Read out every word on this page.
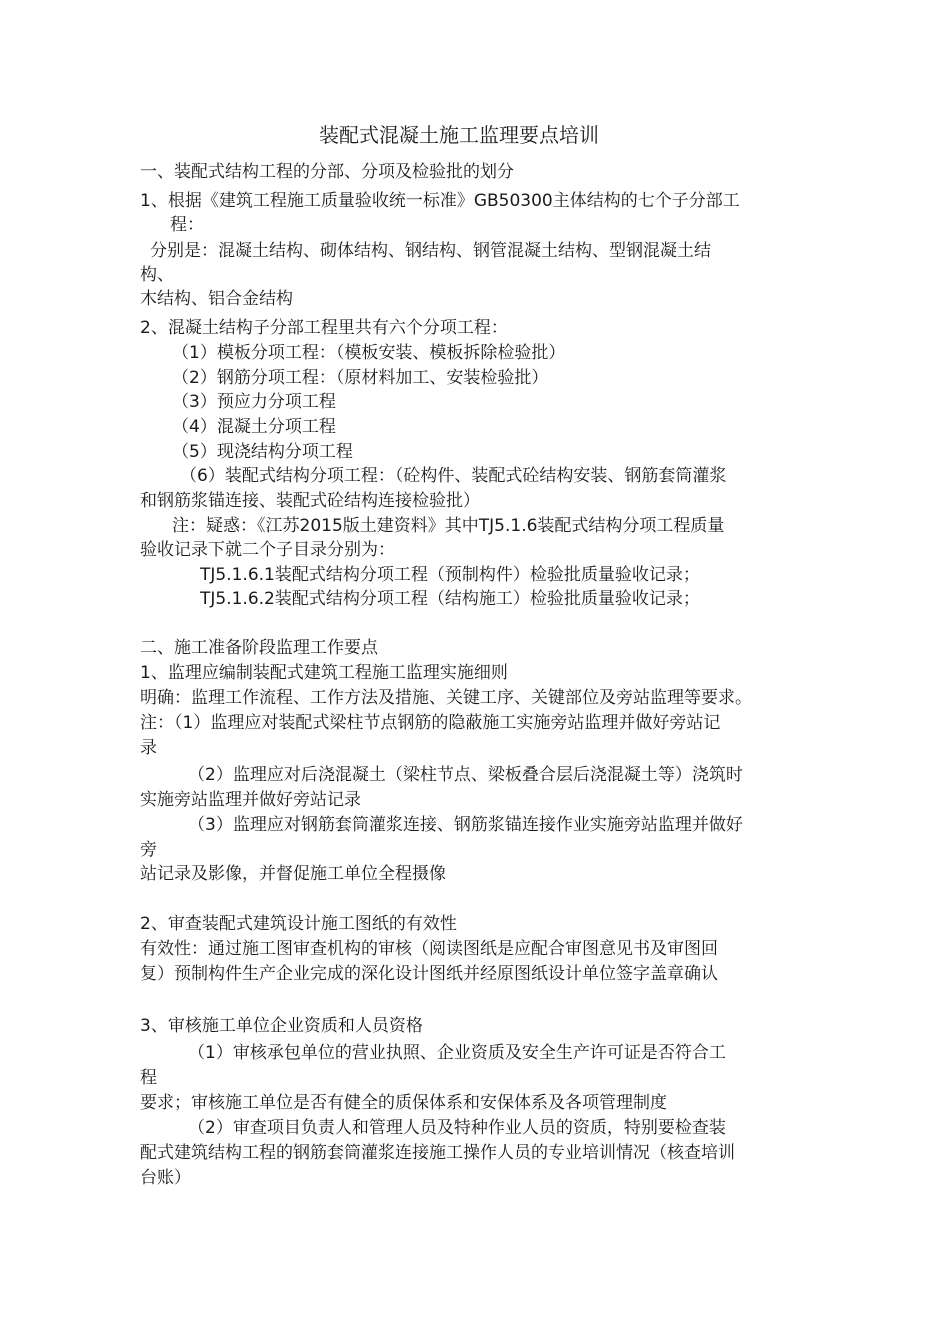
装配式混凝土施工监理要点培训
一、装配式结构工程的分部、分项及检验批的划分
1、根据《建筑工程施工质量验收统一标准》GB50300主体结构的七个子分部工
程：
分别是：混凝土结构、砌体结构、钢结构、钢管混凝土结构、型钢混凝土结
构、
木结构、铝合金结构
2、混凝土结构子分部工程里共有六个分项工程：
（1）模板分项工程：（模板安装、模板拆除检验批）
（2）钢筋分项工程：（原材料加工、安装检验批）
（3）预应力分项工程
（4）混凝土分项工程
（5）现浇结构分项工程
（6）装配式结构分项工程：（砼构件、装配式砼结构安装、钢筋套筒灌浆
和钢筋浆锚连接、装配式砼结构连接检验批）
注：疑惑：《江苏2015版土建资料》其中TJ5.1.6装配式结构分项工程质量
验收记录下就二个子目录分别为：
TJ5.1.6.1装配式结构分项工程（预制构件）检验批质量验收记录；
TJ5.1.6.2装配式结构分项工程（结构施工）检验批质量验收记录；
二、施工准备阶段监理工作要点
1、监理应编制装配式建筑工程施工监理实施细则
明确：监理工作流程、工作方法及措施、关键工序、关键部位及旁站监理等要求。
注：（1）监理应对装配式梁柱节点钢筋的隐蔽施工实施旁站监理并做好旁站记
录
（2）监理应对后浇混凝土（梁柱节点、梁板叠合层后浇混凝土等）浇筑时
实施旁站监理并做好旁站记录
（3）监理应对钢筋套筒灌浆连接、钢筋浆锚连接作业实施旁站监理并做好
旁
站记录及影像，并督促施工单位全程摄像
2、审查装配式建筑设计施工图纸的有效性
有效性：通过施工图审查机构的审核（阅读图纸是应配合审图意见书及审图回
复）预制构件生产企业完成的深化设计图纸并经原图纸设计单位签字盖章确认
3、审核施工单位企业资质和人员资格
（1）审核承包单位的营业执照、企业资质及安全生产许可证是否符合工
程
要求；审核施工单位是否有健全的质保体系和安保体系及各项管理制度
（2）审查项目负责人和管理人员及特种作业人员的资质，特别要检查装
配式建筑结构工程的钢筋套筒灌浆连接施工操作人员的专业培训情况（核查培训
台账）
